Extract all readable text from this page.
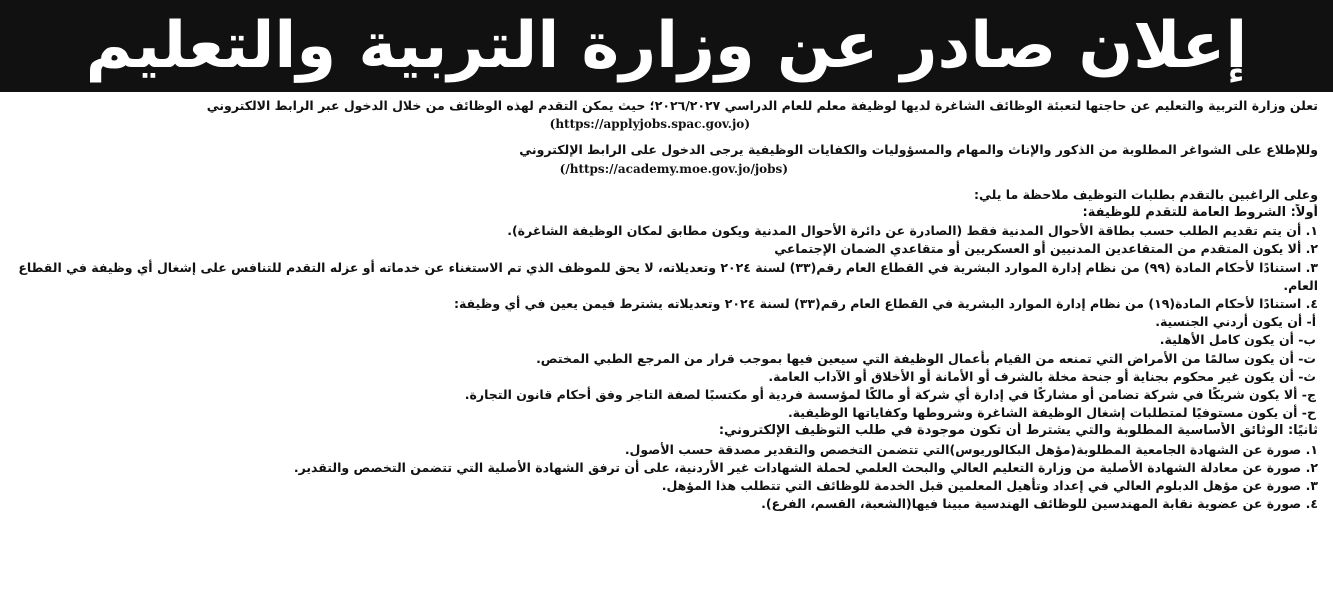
إعلان صادر عن وزارة التربية والتعليم
تعلن وزارة التربية والتعليم عن حاجتها لتعبئة الوظائف الشاغرة لديها لوظيفة معلم للعام الدراسي ٢٠٢٦/٢٠٢٧؛ حيث يمكن التقدم لهذه الوظائف من خلال الدخول عبر الرابط الالكتروني
(https://applyjobs.spac.gov.jo)
وللإطلاع على الشواغر المطلوبة من الذكور والإناث والمهام والمسؤوليات والكفايات الوظيفية يرجى الدخول على الرابط الإلكتروني
(https://academy.moe.gov.jo/jobs/)
وعلى الراغبين بالتقدم بطلبات التوظيف ملاحظة ما يلي:
أولاً: الشروط العامة للتقدم للوظيفة:
١. أن يتم تقديم الطلب حسب بطاقة الأحوال المدنية فقط (الصادرة عن دائرة الأحوال المدنية ويكون مطابق لمكان الوظيفة الشاغرة).
٢. ألا يكون المتقدم من المتقاعدين المدنيين أو العسكريين أو متقاعدي الضمان الإجتماعي
٣. استنادًا لأحكام المادة (٩٩) من نظام إدارة الموارد البشرية في القطاع العام رقم(٣٣) لسنة ٢٠٢٤ وتعديلاته، لا يحق للموظف الذي تم الاستغناء عن خدماته أو عزله التقدم للتنافس على إشغال أي وظيفة في القطاع العام.
٤. استنادًا لأحكام المادة(١٩) من نظام إدارة الموارد البشرية في القطاع العام رقم(٣٣) لسنة ٢٠٢٤ وتعديلاته يشترط فيمن يعين في أي وظيفة:
أ- أن يكون أردني الجنسية.
ب- أن يكون كامل الأهلية.
ت- أن يكون سالمًا من الأمراض التي تمنعه من القيام بأعمال الوظيفة التي سيعين فيها بموجب قرار من المرجع الطبي المختص.
ث- أن يكون غير محكوم بجناية أو جنحة مخلة بالشرف أو الأمانة أو الأخلاق أو الآداب العامة.
ج- ألا يكون شريكًا في شركة تضامن أو مشاركًا في إدارة أي شركة أو مالكًا لمؤسسة فردية أو مكتسبًا لصفة التاجر وفق أحكام قانون التجارة.
ح- أن يكون مستوفيًا لمتطلبات إشغال الوظيفة الشاغرة وشروطها وكفاياتها الوظيفية.
ثانيًا: الوثائق الأساسية المطلوبة والتي يشترط أن تكون موجودة في طلب التوظيف الإلكتروني:
١. صورة عن الشهادة الجامعية المطلوبة(مؤهل البكالوريوس)التي تتضمن التخصص والتقدير مصدقة حسب الأصول.
٢. صورة عن معادلة الشهادة الأصلية من وزارة التعليم العالي والبحث العلمي لحملة الشهادات غير الأردنية، على أن ترفق الشهادة الأصلية التي تتضمن التخصص والتقدير.
٣. صورة عن مؤهل الدبلوم العالي في إعداد وتأهيل المعلمين قبل الخدمة للوظائف التي تتطلب هذا المؤهل.
٤. صورة عن عضوية نقابة المهندسين للوظائف الهندسية مبينا فيها(الشعبة، القسم، الفرع).
